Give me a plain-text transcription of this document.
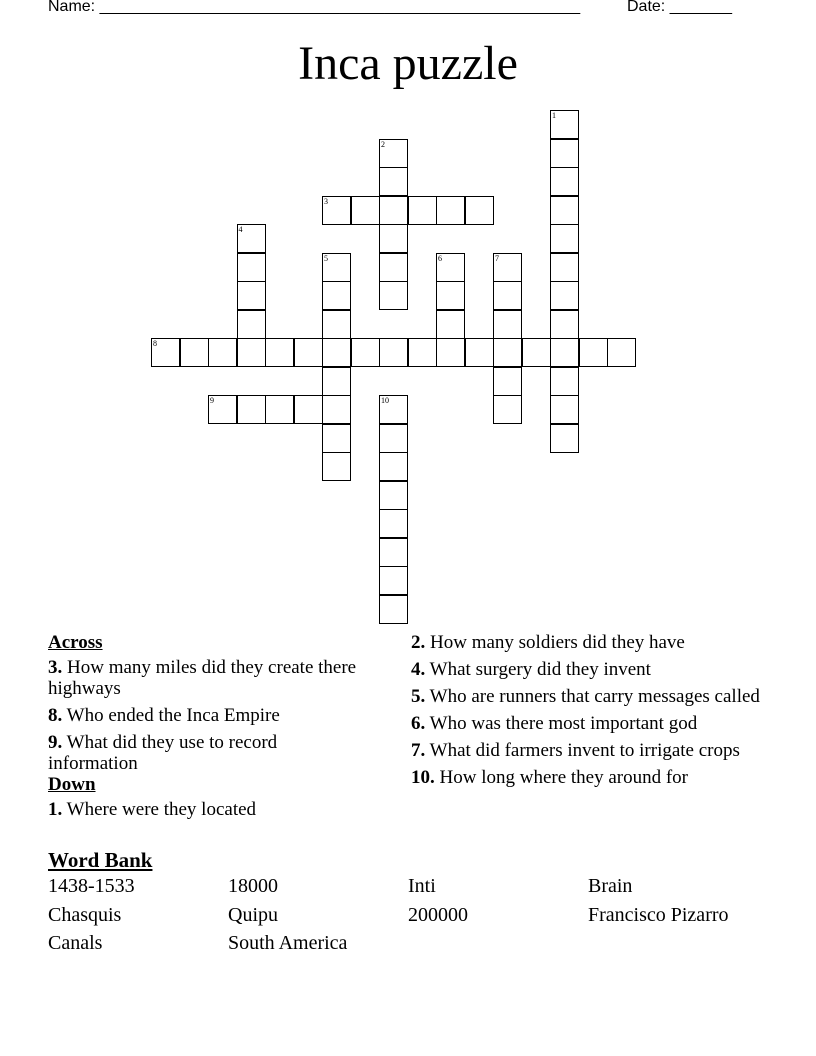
Name: ______________________________________________________	Date: _______
Inca puzzle
1
2
3
4
5	6	7
8
9	10
Across
3. How many miles did they create there highways
8. Who ended the Inca Empire
9. What did they use to record information
Down
1. Where were they located
2. How many soldiers did they have
4. What surgery did they invent
5. Who are runners that carry messages called
6. Who was there most important god
7. What did farmers invent to irrigate crops
10. How long where they around for
Word Bank
1438-1533	18000	Inti	Brain
Chasquis	Quipu	200000	Francisco Pizarro
Canals	South America
